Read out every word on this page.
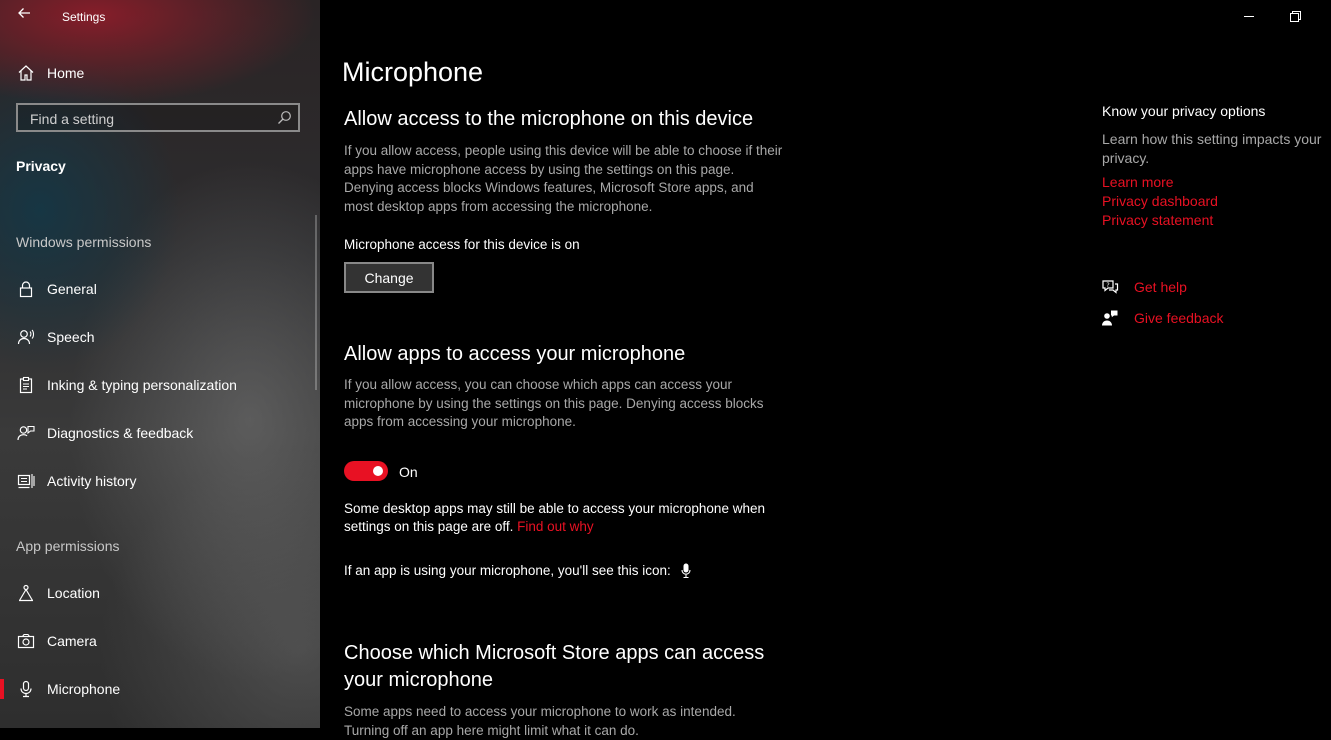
Settings
Home
Find a setting
Privacy
Windows permissions
General
Speech
Inking & typing personalization
Diagnostics & feedback
Activity history
App permissions
Location
Camera
Microphone
Microphone
Allow access to the microphone on this device
If you allow access, people using this device will be able to choose if their apps have microphone access by using the settings on this page. Denying access blocks Windows features, Microsoft Store apps, and most desktop apps from accessing the microphone.
Microphone access for this device is on
Change
Allow apps to access your microphone
If you allow access, you can choose which apps can access your microphone by using the settings on this page. Denying access blocks apps from accessing your microphone.
On
Some desktop apps may still be able to access your microphone when settings on this page are off. Find out why
If an app is using your microphone, you'll see this icon:
Choose which Microsoft Store apps can access your microphone
Some apps need to access your microphone to work as intended. Turning off an app here might limit what it can do.
Know your privacy options
Learn how this setting impacts your privacy.
Learn more
Privacy dashboard
Privacy statement
? Get help
Give feedback
